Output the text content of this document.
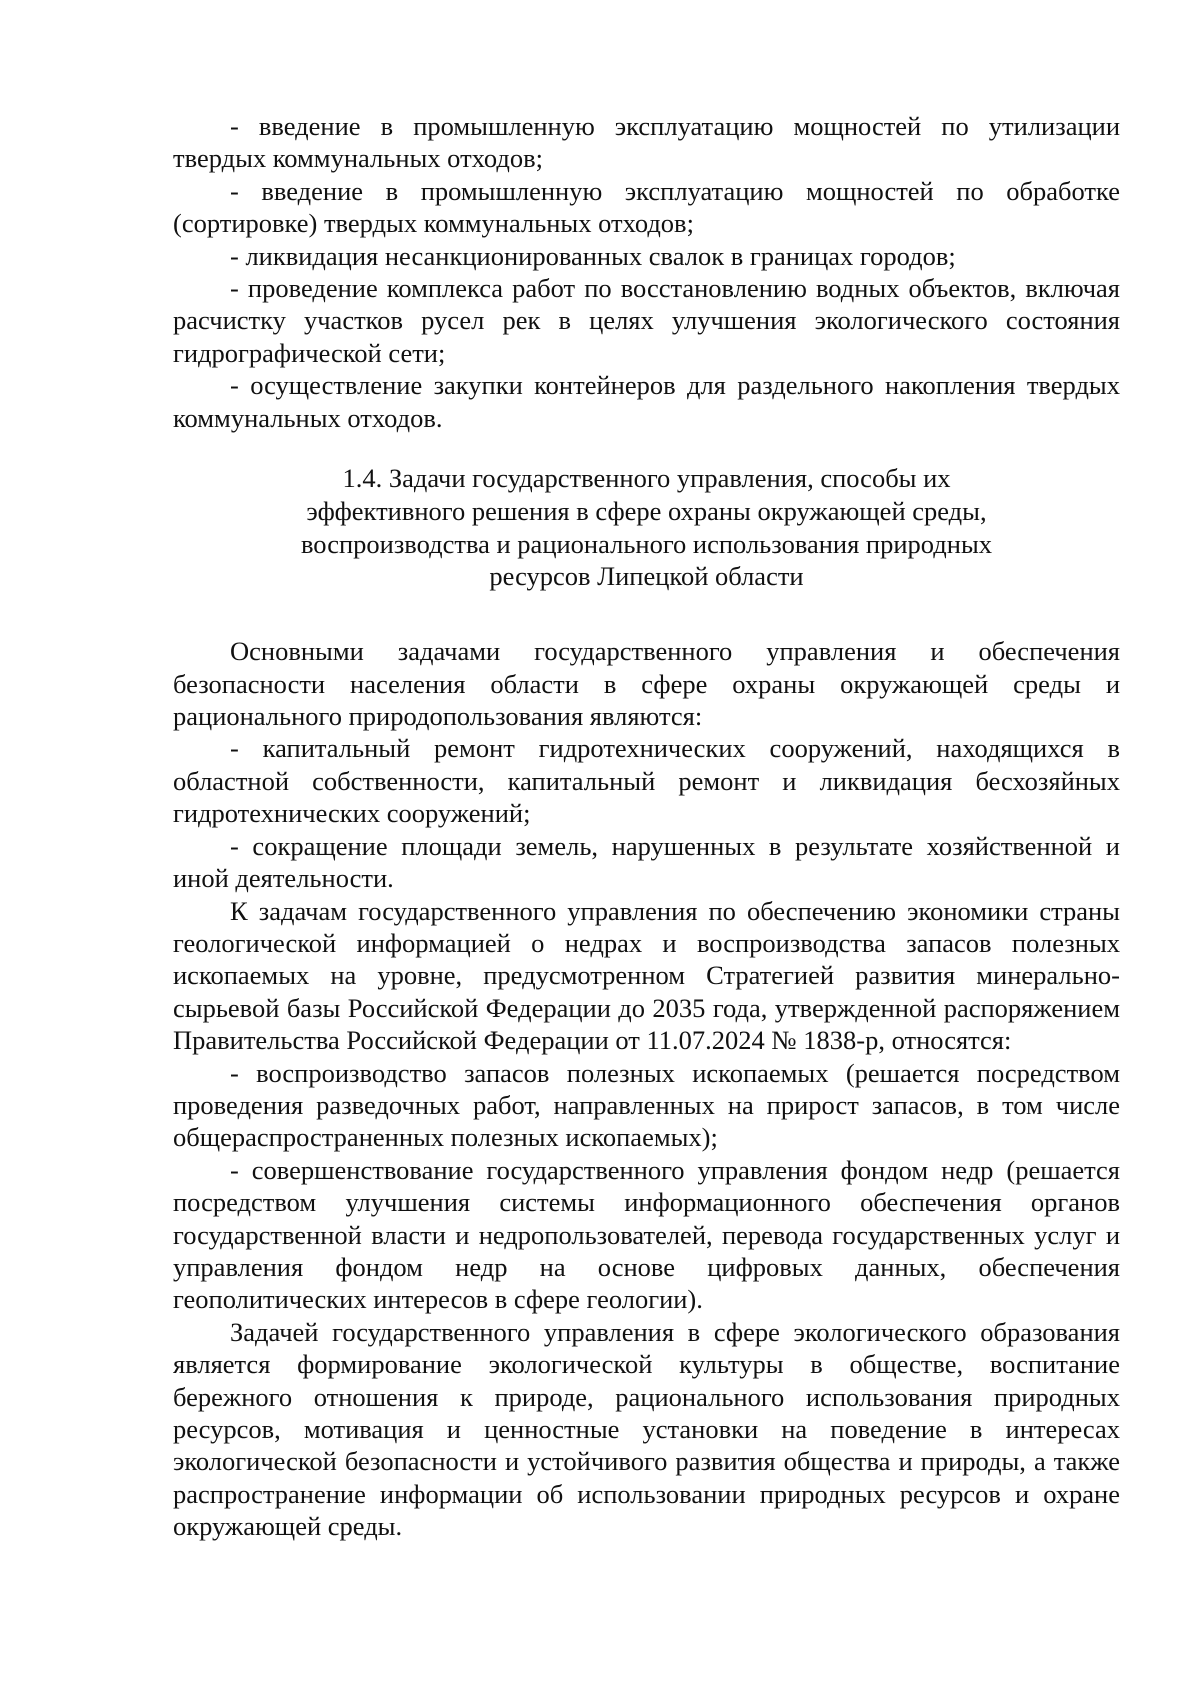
- введение в промышленную эксплуатацию мощностей по утилизации твердых коммунальных отходов;

- введение в промышленную эксплуатацию мощностей по обработке (сортировке) твердых коммунальных отходов;

- ликвидация несанкционированных свалок в границах городов;

- проведение комплекса работ по восстановлению водных объектов, включая расчистку участков русел рек в целях улучшения экологического состояния гидрографической сети;

- осуществление закупки контейнеров для раздельного накопления твердых коммунальных отходов.

1.4. Задачи государственного управления, способы их
эффективного решения в сфере охраны окружающей среды,
воспроизводства и рационального использования природных
ресурсов Липецкой области

Основными задачами государственного управления и обеспечения безопасности населения области в сфере охраны окружающей среды и рационального природопользования являются:

- капитальный ремонт гидротехнических сооружений, находящихся в областной собственности, капитальный ремонт и ликвидация бесхозяйных гидротехнических сооружений;

- сокращение площади земель, нарушенных в результате хозяйственной и иной деятельности.

К задачам государственного управления по обеспечению экономики страны геологической информацией о недрах и воспроизводства запасов полезных ископаемых на уровне, предусмотренном Стратегией развития минерально-сырьевой базы Российской Федерации до 2035 года, утвержденной распоряжением Правительства Российской Федерации от 11.07.2024 № 1838-р, относятся:

- воспроизводство запасов полезных ископаемых (решается посредством проведения разведочных работ, направленных на прирост запасов, в том числе общераспространенных полезных ископаемых);

- совершенствование государственного управления фондом недр (решается посредством улучшения системы информационного обеспечения органов государственной власти и недропользователей, перевода государственных услуг и управления фондом недр на основе цифровых данных, обеспечения геополитических интересов в сфере геологии).

Задачей государственного управления в сфере экологического образования является формирование экологической культуры в обществе, воспитание бережного отношения к природе, рационального использования природных ресурсов, мотивация и ценностные установки на поведение в интересах экологической безопасности и устойчивого развития общества и природы, а также распространение информации об использовании природных ресурсов и охране окружающей среды.
